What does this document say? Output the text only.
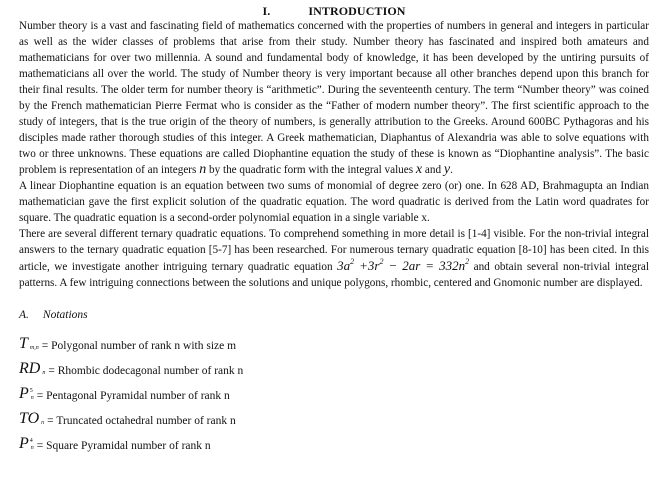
I.	INTRODUCTION

Number theory is a vast and fascinating field of mathematics concerned with the properties of numbers in general and integers in particular as well as the wider classes of problems that arise from their study. Number theory has fascinated and inspired both amateurs and mathematicians for over two millennia. A sound and fundamental body of knowledge, it has been developed by the untiring pursuits of mathematicians all over the world. The study of Number theory is very important because all other branches depend upon this branch for their final results. The older term for number theory is “arithmetic”. During the seventeenth century. The term “Number theory” was coined by the French mathematician Pierre Fermat who is consider as the “Father of modern number theory”. The first scientific approach to the study of integers, that is the true origin of the theory of numbers, is generally attribution to the Greeks. Around 600BC Pythagoras and his disciples made rather thorough studies of this integer. A Greek mathematician, Diaphantus of Alexandria was able to solve equations with two or three unknowns. These equations are called Diophantine equation the study of these is known as “Diophantine analysis”. The basic problem is representation of an integers n by the quadratic form with the integral values x and y.

A linear Diophantine equation is an equation between two sums of monomial of degree zero (or) one. In 628 AD, Brahmagupta an Indian mathematician gave the first explicit solution of the quadratic equation. The word quadratic is derived from the Latin word quadrates for square. The quadratic equation is a second-order polynomial equation in a single variable x.

There are several different ternary quadratic equations. To comprehend something in more detail is [1-4] visible. For the non-trivial integral answers to the ternary quadratic equation [5-7] has been researched. For numerous ternary quadratic equation [8-10] has been cited. In this article, we investigate another intriguing ternary quadratic equation $3a^2 +3r^2 - 2ar = 332n^2$ and obtain several non-trivial integral patterns. A few intriguing connections between the solutions and unique polygons, rhombic, centered and Gnomonic number are displayed.

A. Notations
T m,n = Polygonal number of rank n with size m
RD n = Rhombic dodecagonal number of rank n
P 5
n = Pentagonal Pyramidal number of rank n
TO n = Truncated octahedral number of rank n
P 4
n = Square Pyramidal number of rank n
